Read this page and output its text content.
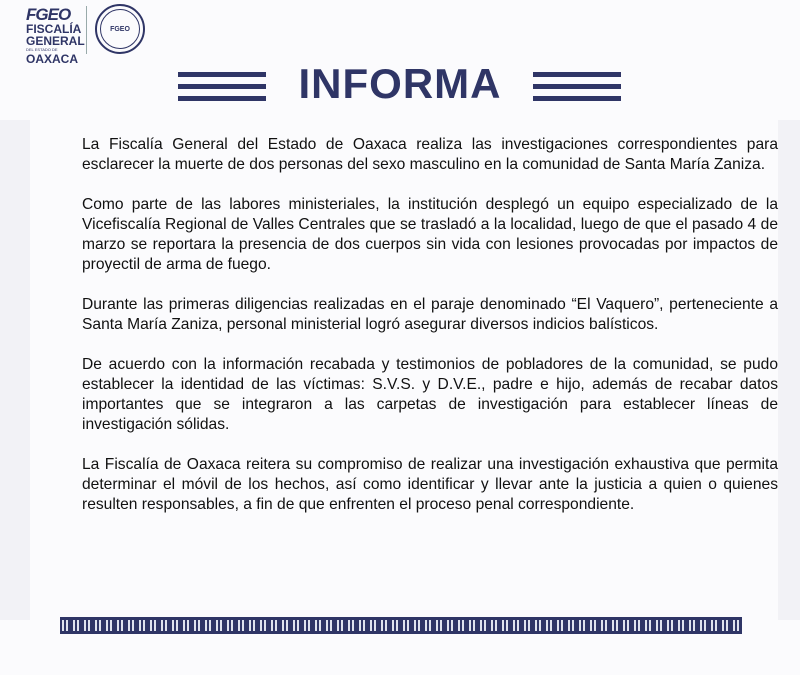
FGEO
FISCALÍA
GENERAL
DEL ESTADO DE
OAXACA
FGEO
INFORMA

La Fiscalía General del Estado de Oaxaca realiza las investigaciones correspondientes para esclarecer la muerte de dos personas del sexo masculino en la comunidad de Santa María Zaniza.

Como parte de las labores ministeriales, la institución desplegó un equipo especializado de la Vicefiscalía Regional de Valles Centrales que se trasladó a la localidad, luego de que el pasado 4 de marzo se reportara la presencia de dos cuerpos sin vida con lesiones provocadas por impactos de proyectil de arma de fuego.

Durante las primeras diligencias realizadas en el paraje denominado “El Vaquero”, perteneciente a Santa María Zaniza, personal ministerial logró asegurar diversos indicios balísticos.

De acuerdo con la información recabada y testimonios de pobladores de la comunidad, se pudo establecer la identidad de las víctimas: S.V.S. y D.V.E., padre e hijo, además de recabar datos importantes que se integraron a las carpetas de investigación para establecer líneas de investigación sólidas.

La Fiscalía de Oaxaca reitera su compromiso de realizar una investigación exhaustiva que permita determinar el móvil de los hechos, así como identificar y llevar ante la justicia a quien o quienes resulten responsables, a fin de que enfrenten el proceso penal correspondiente.
